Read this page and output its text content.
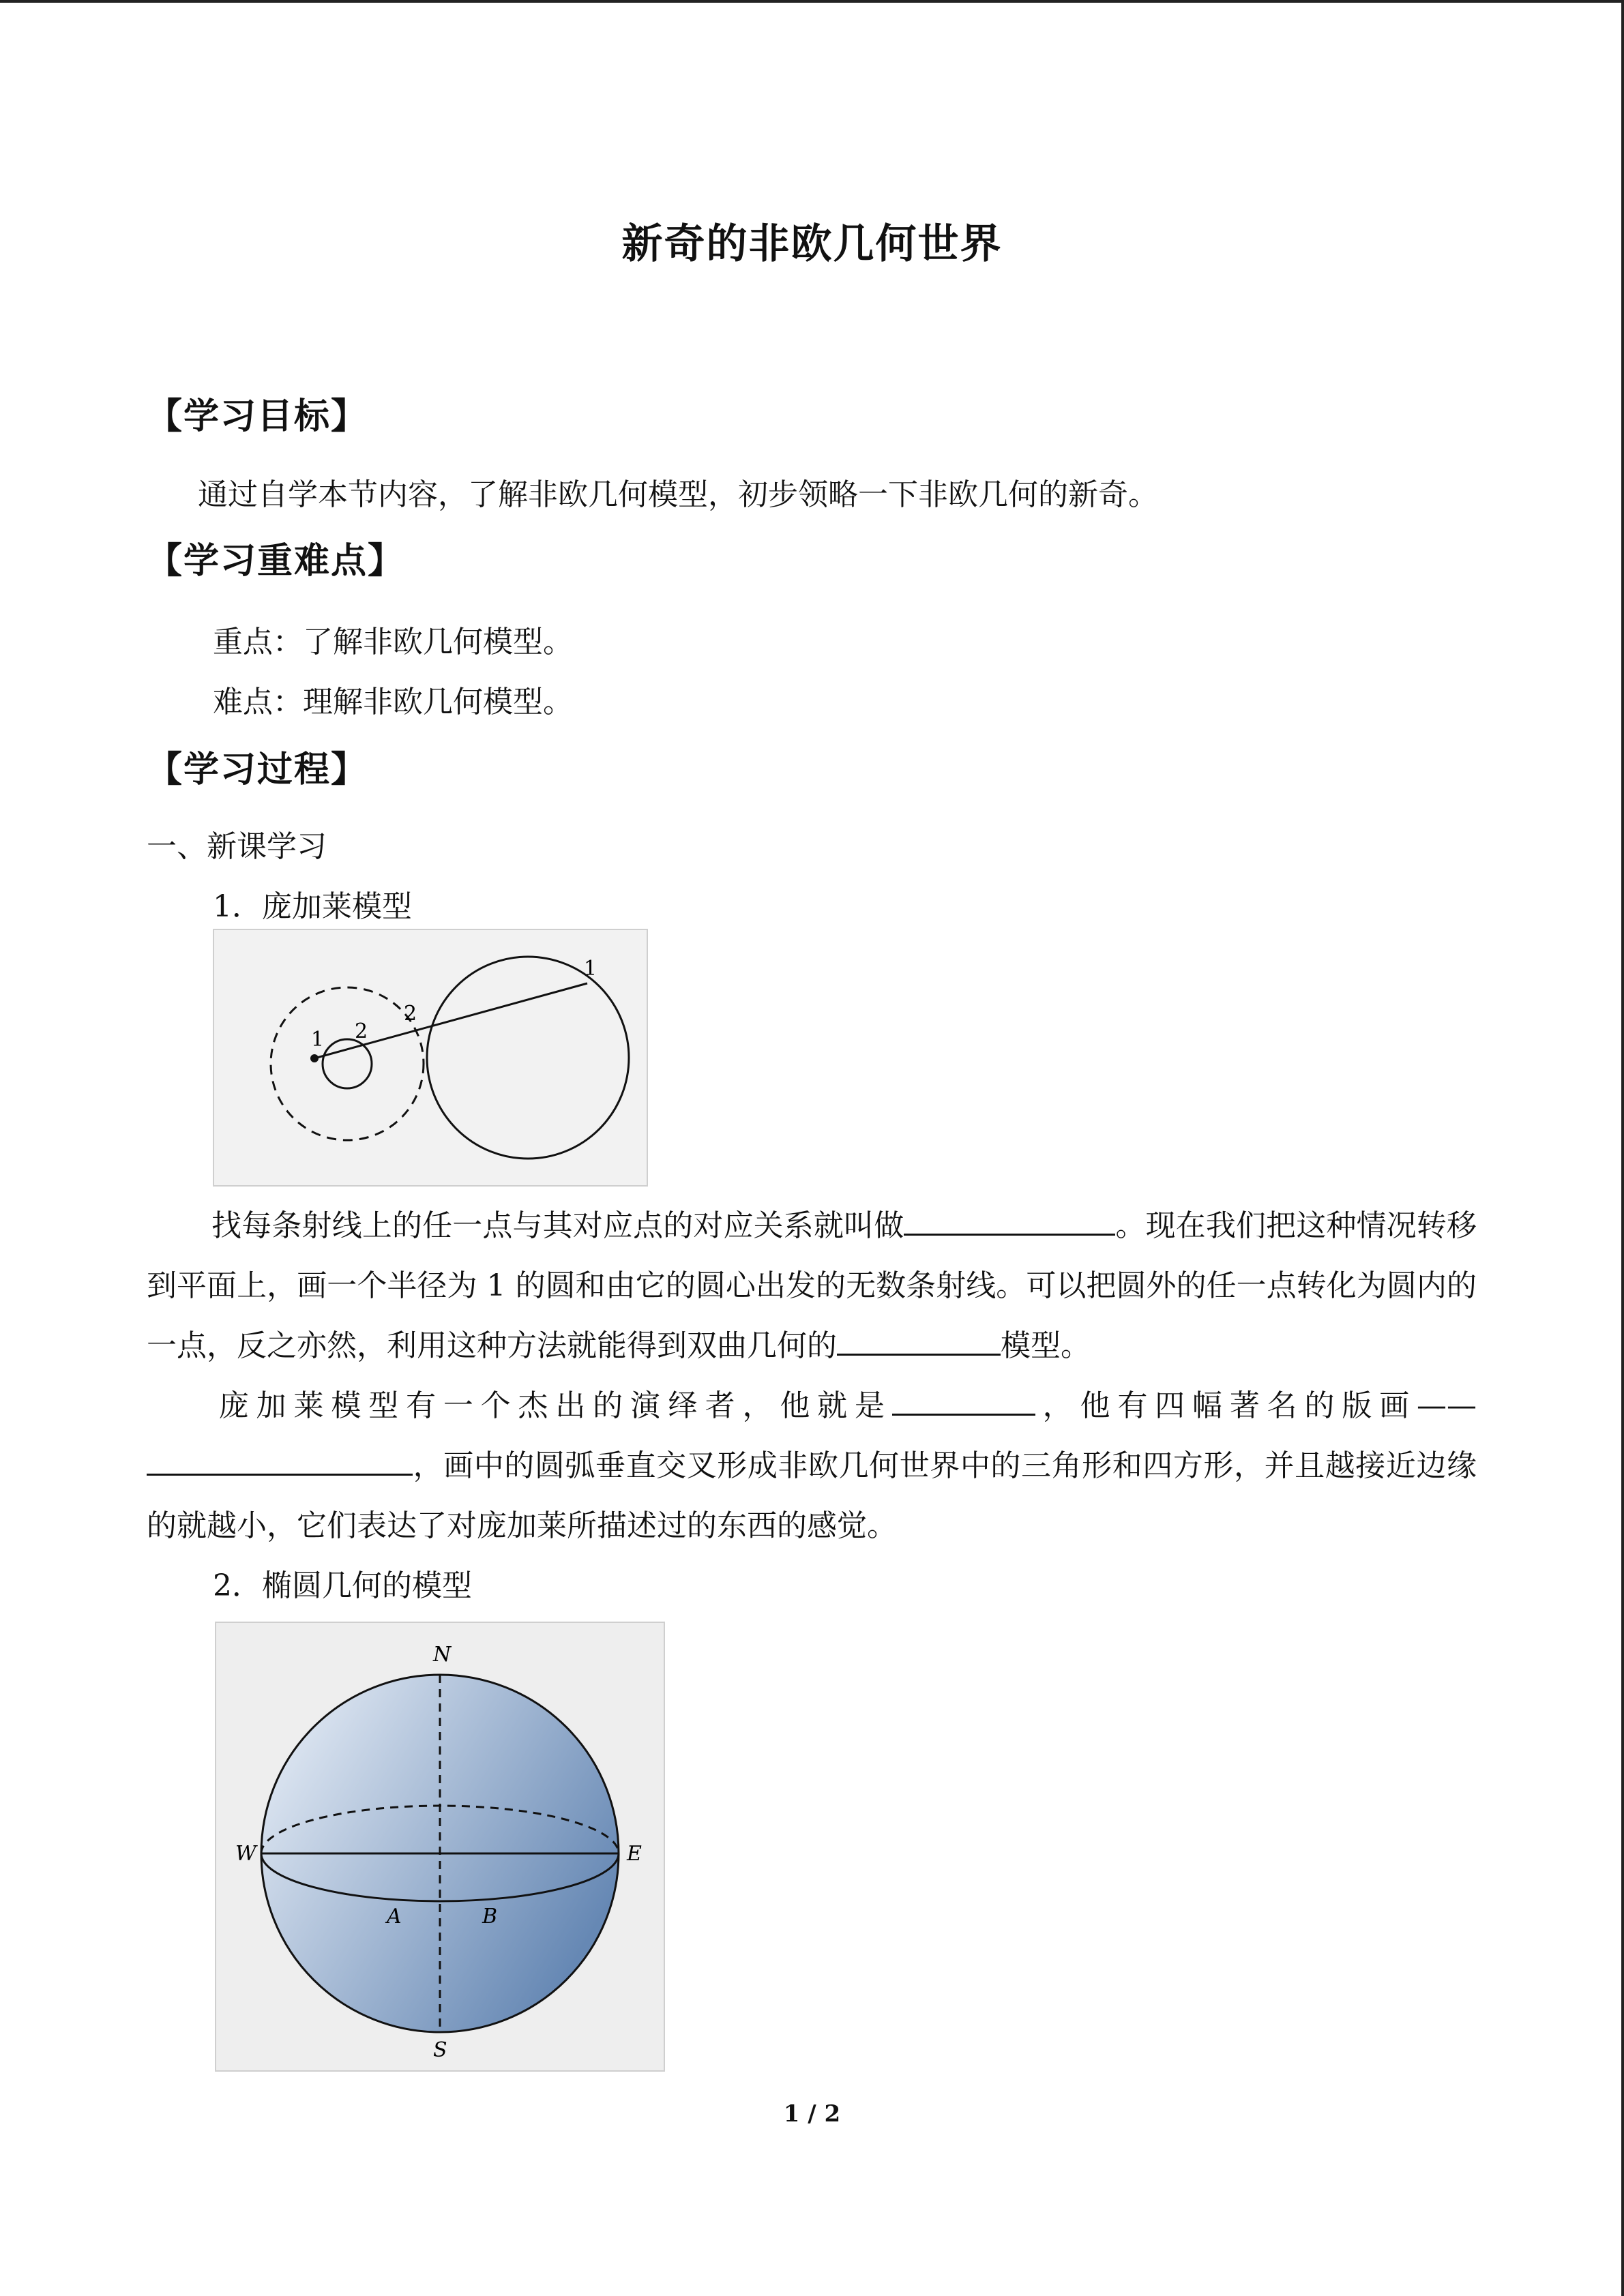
新奇的非欧几何世界
【学习目标】
通过自学本节内容，了解非欧几何模型，初步领略一下非欧几何的新奇。
【学习重难点】
重点：了解非欧几何模型。
难点：理解非欧几何模型。
【学习过程】
一、新课学习
1．庞加莱模型
1 2
2
1
找每条射线上的任一点与其对应点的对应关系就叫做	。现在我们把这种情况转移到平面上，画一个半径为 1 的圆和由它的圆心出发的无数条射线。可以把圆外的任一点转化为圆内的一点，反之亦然，利用这种方法就能得到双曲几何的	模型。
庞加莱模型有一个杰出的演绎者，他就是	，他有四幅著名的版画——，画中的圆弧垂直交叉形成非欧几何世界中的三角形和四方形，并且越接近边缘的就越小，它们表达了对庞加莱所描述过的东西的感觉。
2．椭圆几何的模型
N
S
W	E
A	B
1 / 2
